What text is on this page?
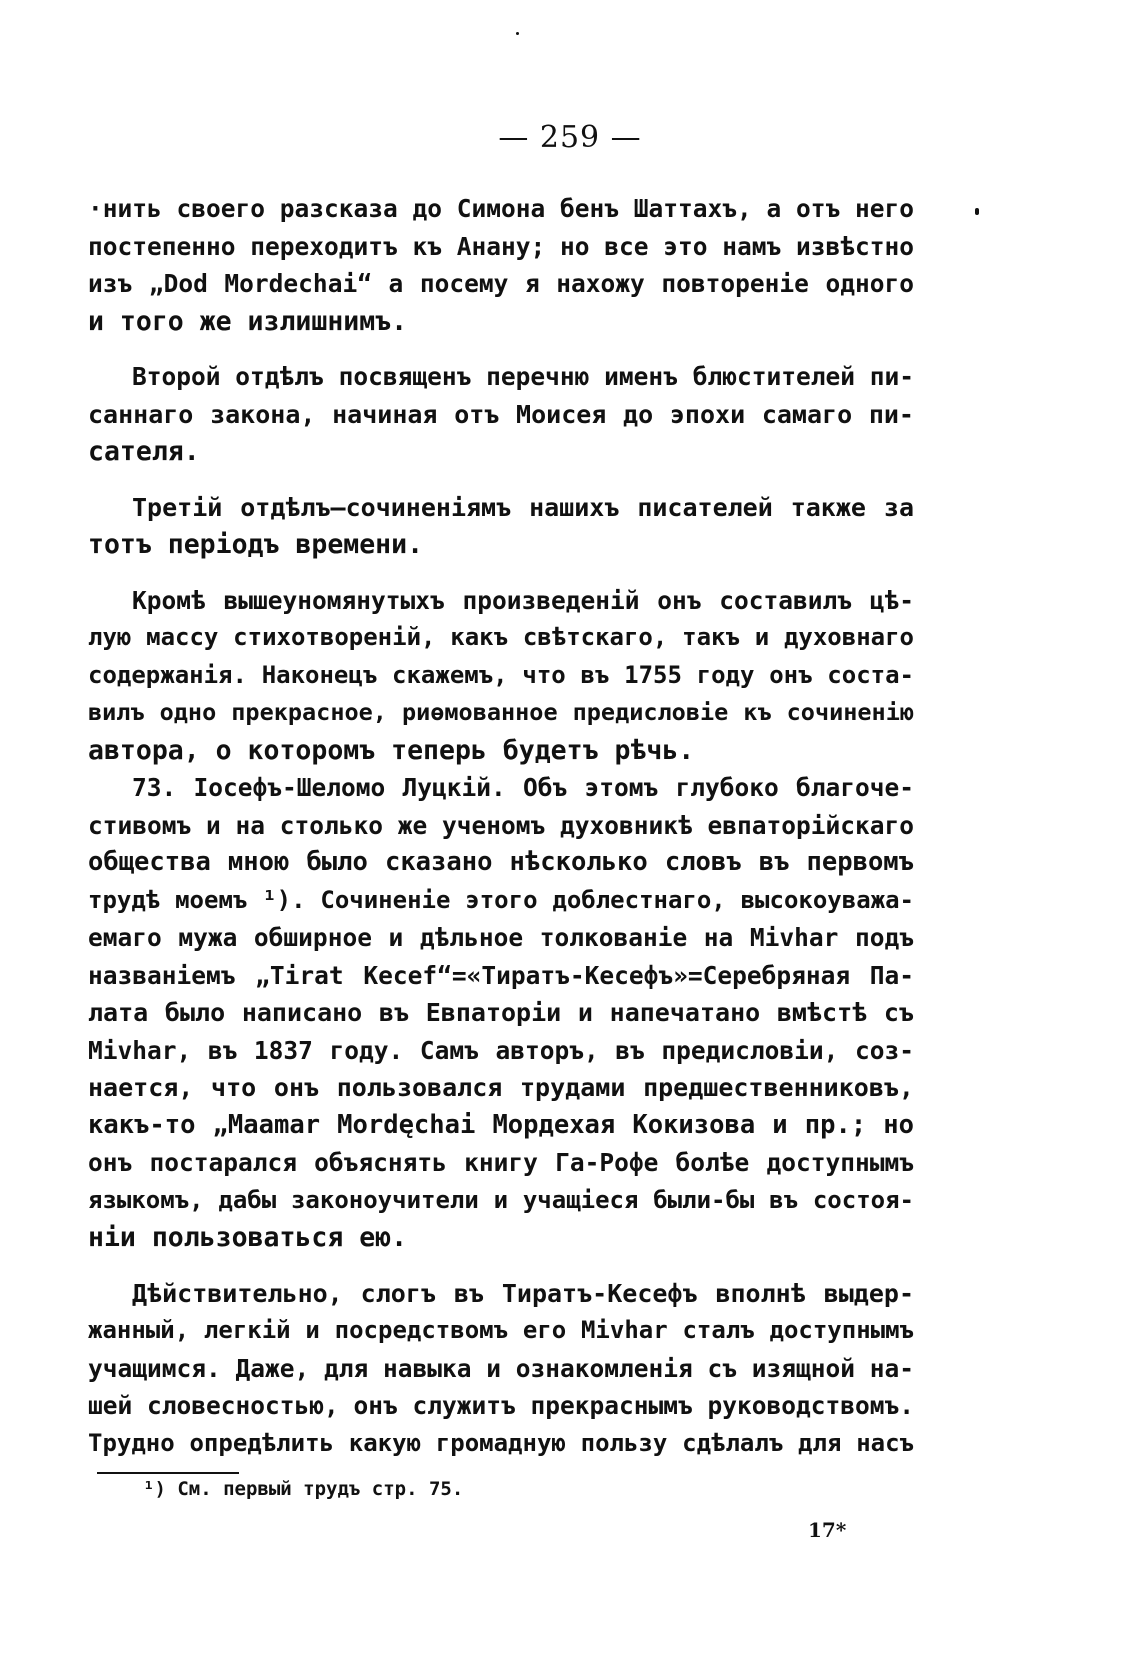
— 259 —
·нить своего разсказа до Симона бенъ Шаттахъ, а отъ него
постепенно переходитъ къ Анану; но все это намъ извѣстно
изъ „Dod Mordechai“ а посему я нахожу повтореніе одного
и того же излишнимъ.
Второй отдѣлъ посвященъ перечню именъ блюстителей пи-
саннаго закона, начиная отъ Моисея до эпохи самаго пи-
сателя.
Третій отдѣлъ—сочиненіямъ нашихъ писателей также за
тотъ періодъ времени.
Кромѣ вышеуномянутыхъ произведеній онъ составилъ цѣ-
лую массу стихотвореній, какъ свѣтскаго, такъ и духовнаго
содержанія. Наконецъ скажемъ, что въ 1755 году онъ соста-
вилъ одно прекрасное, риѳмованное предисловіе къ сочиненію
автора, о которомъ теперь будетъ рѣчь.
73. Іосефъ-Шеломо Луцкій. Объ этомъ глубоко благоче-
стивомъ и на столько же ученомъ духовникѣ евпаторійскаго
общества мною было сказано нѣсколько словъ въ первомъ
трудѣ моемъ ¹). Сочиненіе этого доблестнаго, высокоуважа-
емаго мужа обширное и дѣльное толкованіе на Mivhar подъ
названіемъ „Tirat Kecef“=«Тиратъ-Кесефъ»=Серебряная Па-
лата было написано въ Евпаторіи и напечатано вмѣстѣ съ
Mivhar, въ 1837 году. Самъ авторъ, въ предисловіи, соз-
нается, что онъ пользовался трудами предшественниковъ,
какъ-то „Maamar Mordęchai Мордехая Кокизова и пр.; но
онъ постарался объяснять книгу Га-Рофе болѣе доступнымъ
языкомъ, дабы законоучители и учащіеся были-бы въ состоя-
ніи пользоваться ею.
Дѣйствительно, слогъ въ Тиратъ-Кесефъ вполнѣ выдер-
жанный, легкій и посредствомъ его Mivhar сталъ доступнымъ
учащимся. Даже, для навыка и ознакомленія съ изящной на-
шей словесностью, онъ служитъ прекраснымъ руководствомъ.
Трудно опредѣлить какую громадную пользу сдѣлалъ для насъ
¹) См. первый трудъ стр. 75.
17*
